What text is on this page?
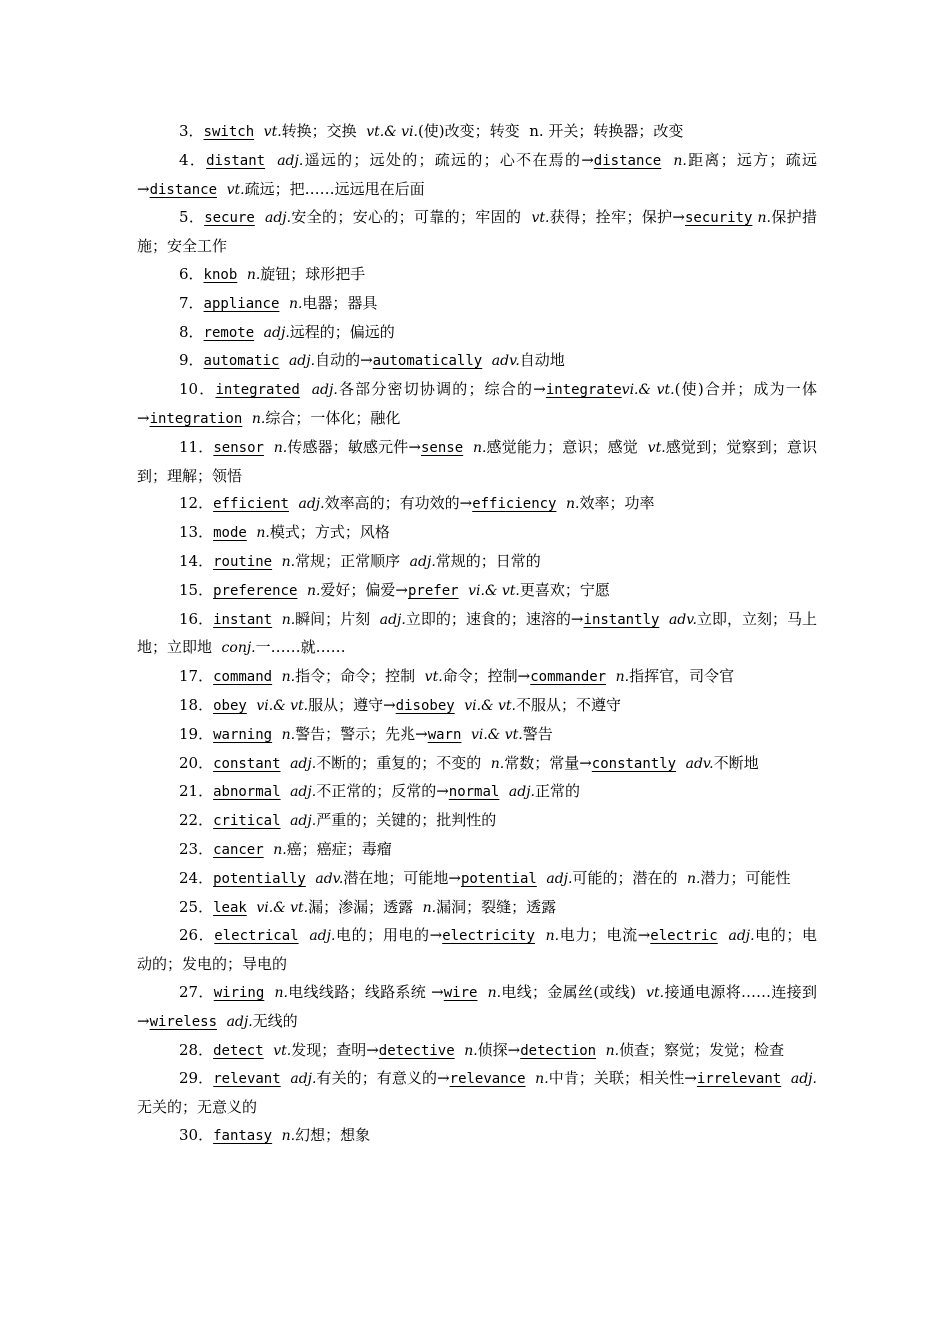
3．switch vt.转换；交换  vt.& vi.(使)改变；转变  n. 开关；转换器；改变
4．distant adj.遥远的；远处的；疏远的；心不在焉的→distance n.距离；远方；疏远→distance vt.疏远；把……远远甩在后面
5．secure adj.安全的；安心的；可靠的；牢固的  vt.获得；拴牢；保护→security n.保护措施；安全工作
6．knob n.旋钮；球形把手
7．appliance n.电器；器具
8．remote adj.远程的；偏远的
9．automatic adj.自动的→automatically adv.自动地
10．integrated adj.各部分密切协调的；综合的→integratevi.& vt.(使)合并；成为一体→integration n.综合；一体化；融化
11．sensor n.传感器；敏感元件→sense n.感觉能力；意识；感觉  vt.感觉到；觉察到；意识到；理解；领悟
12．efficient adj.效率高的；有功效的→efficiency n.效率；功率
13．mode n.模式；方式；风格
14．routine n.常规；正常顺序  adj.常规的；日常的
15．preference n.爱好；偏爱→prefer vi.& vt.更喜欢；宁愿
16．instant n.瞬间；片刻  adj.立即的；速食的；速溶的→instantly adv.立即，立刻；马上地；立即地  conj.一……就……
17．command n.指令；命令；控制  vt.命令；控制→commander n.指挥官，司令官
18．obey vi.& vt.服从；遵守→disobey vi.& vt.不服从；不遵守
19．warning n.警告；警示；先兆→warn vi.& vt.警告
20．constant adj.不断的；重复的；不变的  n.常数；常量→constantly adv.不断地
21．abnormal adj.不正常的；反常的→normal adj.正常的
22．critical adj.严重的；关键的；批判性的
23．cancer n.癌；癌症；毒瘤
24．potentially adv.潜在地；可能地→potential adj.可能的；潜在的  n.潜力；可能性
25．leak vi.& vt.漏；渗漏；透露  n.漏洞；裂缝；透露
26．electrical adj.电的；用电的→electricity n.电力；电流→electric adj.电的；电动的；发电的；导电的
27．wiring n.电线线路；线路系统 →wire n.电线；金属丝(或线)  vt.接通电源将……连接到→wireless adj.无线的
28．detect vt.发现；查明→detective n.侦探→detection n.侦查；察觉；发觉；检查
29．relevant adj.有关的；有意义的→relevance n.中肯；关联；相关性→irrelevant adj.无关的；无意义的
30．fantasy n.幻想；想象
